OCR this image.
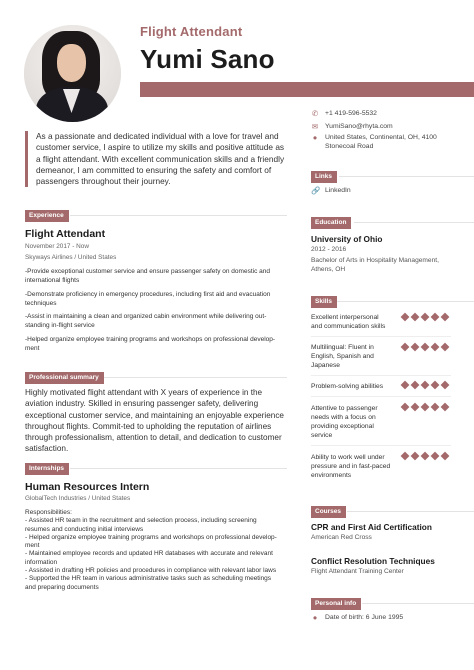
Flight Attendant
Yumi Sano
As a passionate and dedicated individual with a love for travel and customer service, I aspire to utilize my skills and positive attitude as a flight attendant. With excellent communication skills and a friendly demeanor, I am committed to ensuring the safety and comfort of passengers throughout their journey.
✆ +1 419-596-5532
✉ YumiSano@rhyta.com
● United States, Continental, OH, 4100 Stonecoal Road
Links
🔗 LinkedIn
Experience
Flight Attendant
November 2017 - Now
Skyways Airlines / United States
-Provide exceptional customer service and ensure passenger safety on domestic and international flights
-Demonstrate proficiency in emergency procedures, including first aid and evacuation techniques
-Assist in maintaining a clean and organized cabin environment while delivering out-standing in-flight service
-Helped organize employee training programs and workshops on professional develop-ment
Professional summary
Highly motivated flight attendant with X years of experience in the aviation industry. Skilled in ensuring passenger safety, delivering exceptional customer service, and maintaining an enjoyable experience throughout flights. Commit-ted to upholding the reputation of airlines through professionalism, attention to detail, and dedication to customer satisfaction.
Internships
Human Resources Intern
GlobalTech Industries / United States
Responsibilities:
- Assisted HR team in the recruitment and selection process, including screening
resumes and conducting initial interviews
- Helped organize employee training programs and workshops on professional develop-
ment
- Maintained employee records and updated HR databases with accurate and relevant
information
- Assisted in drafting HR policies and procedures in compliance with relevant labor laws
- Supported the HR team in various administrative tasks such as scheduling meetings
and preparing documents
Education
University of Ohio
2012 - 2016
Bachelor of Arts in Hospitality Management, Athens, OH
Skills
Excellent interpersonal and communication skills
Multilingual: Fluent in English, Spanish and Japanese
Problem-solving abilities
Attentive to passenger needs with a focus on providing exceptional service
Ability to work well under pressure and in fast-paced environments
Courses
CPR and First Aid Certification
American Red Cross
Conflict Resolution Techniques
Flight Attendant Training Center
Personal info
● Date of birth: 6 June 1995
